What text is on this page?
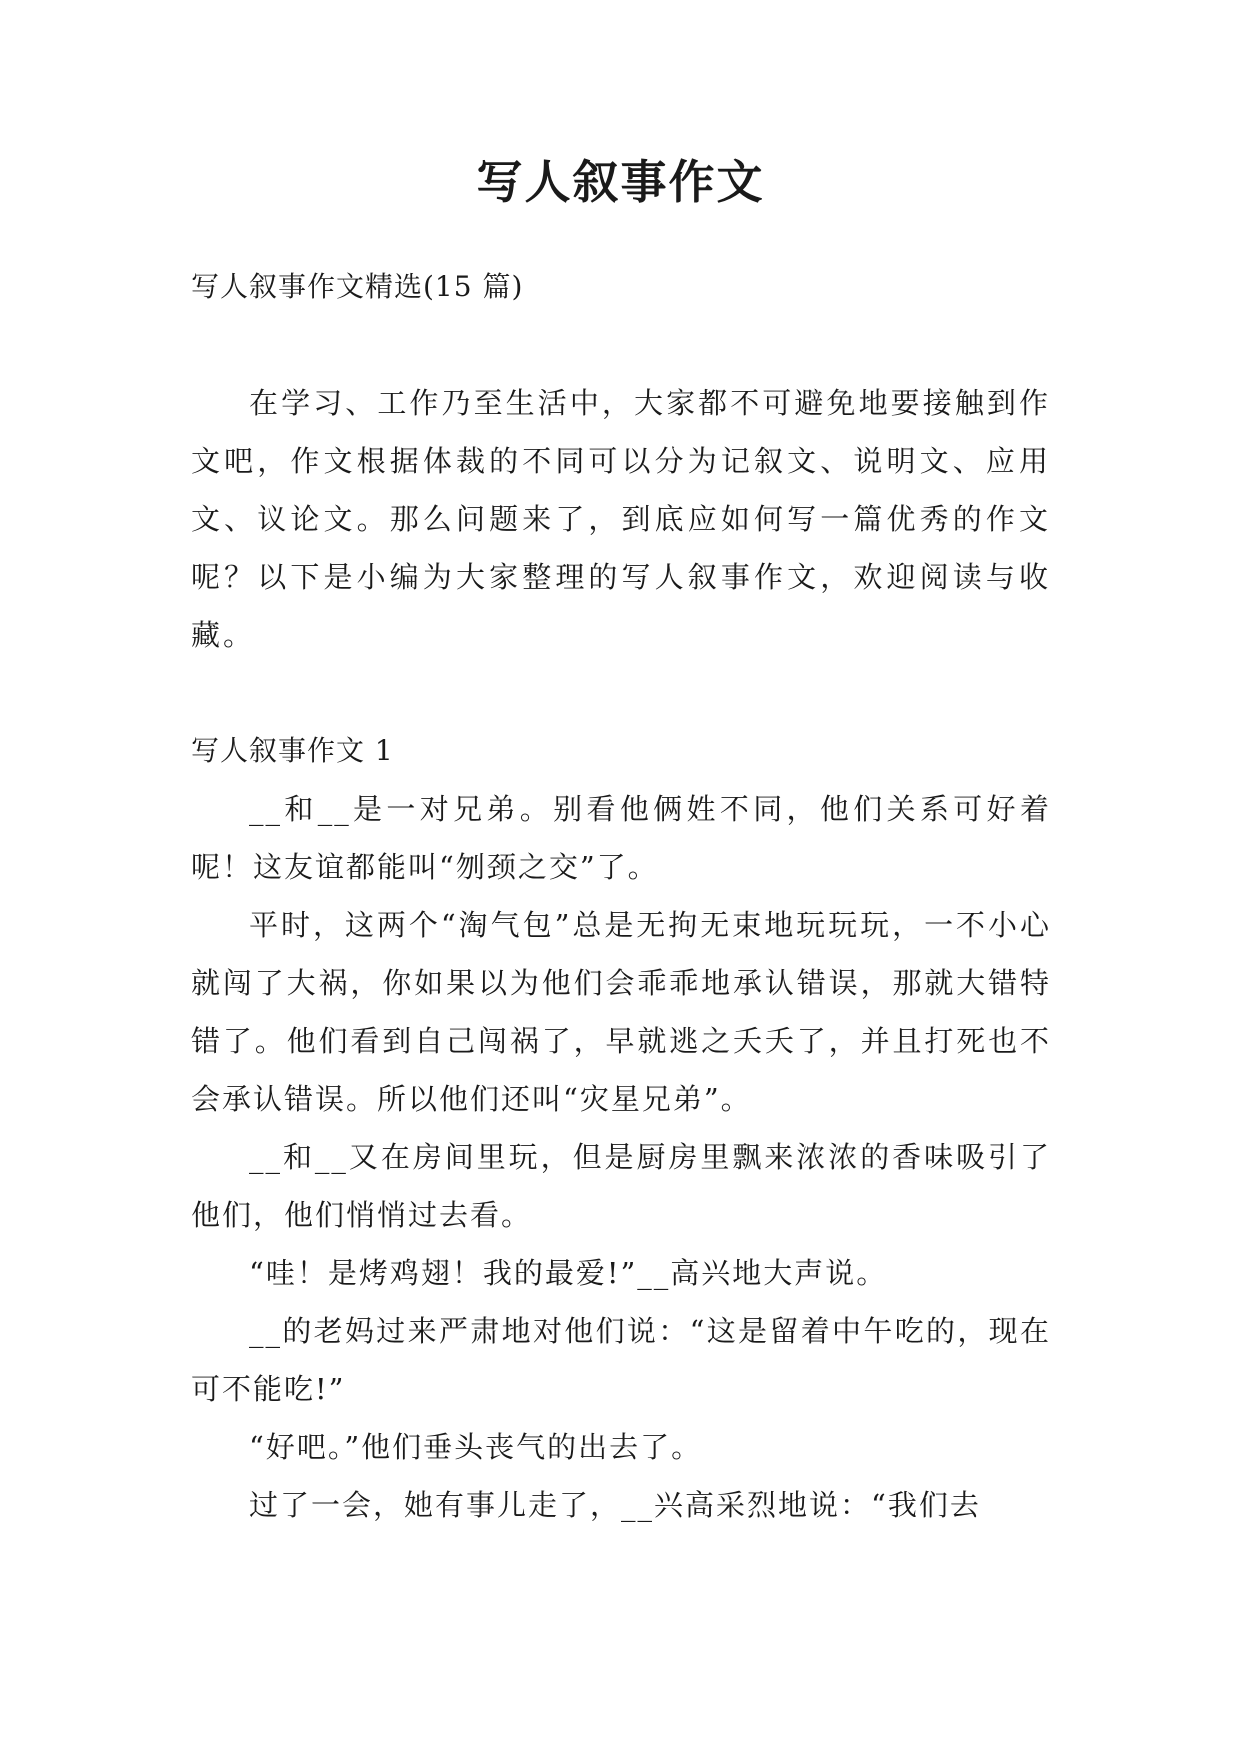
写人叙事作文

写人叙事作文精选(15 篇)

在学习、工作乃至生活中，大家都不可避免地要接触到作文吧，作文根据体裁的不同可以分为记叙文、说明文、应用文、议论文。那么问题来了，到底应如何写一篇优秀的作文呢？以下是小编为大家整理的写人叙事作文，欢迎阅读与收藏。

写人叙事作文 1

__和__是一对兄弟。别看他俩姓不同，他们关系可好着呢！这友谊都能叫“刎颈之交”了。

平时，这两个“淘气包”总是无拘无束地玩玩玩，一不小心就闯了大祸，你如果以为他们会乖乖地承认错误，那就大错特错了。他们看到自己闯祸了，早就逃之夭夭了，并且打死也不会承认错误。所以他们还叫“灾星兄弟”。

__和__又在房间里玩，但是厨房里飘来浓浓的香味吸引了他们，他们悄悄过去看。

“哇！是烤鸡翅！我的最爱!”__高兴地大声说。

__的老妈过来严肃地对他们说：“这是留着中午吃的，现在可不能吃!”

“好吧。”他们垂头丧气的出去了。

过了一会，她有事儿走了，__兴高采烈地说：“我们去
